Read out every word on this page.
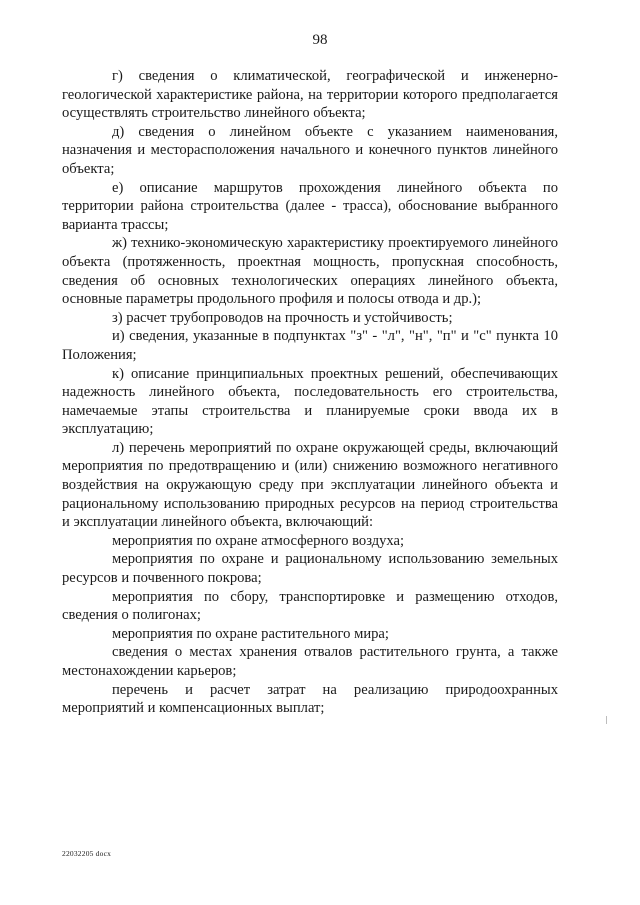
98

г) сведения о климатической, географической и инженерно-геологической характеристике района, на территории которого предполагается осуществлять строительство линейного объекта;

д) сведения о линейном объекте с указанием наименования, назначения и месторасположения начального и конечного пунктов линейного объекта;

е) описание маршрутов прохождения линейного объекта по территории района строительства (далее - трасса), обоснование выбранного варианта трассы;

ж) технико-экономическую характеристику проектируемого линейного объекта (протяженность, проектная мощность, пропускная способность, сведения об основных технологических операциях линейного объекта, основные параметры продольного профиля и полосы отвода и др.);

з) расчет трубопроводов на прочность и устойчивость;

и) сведения, указанные в подпунктах "з" - "л", "н", "п" и "с" пункта 10 Положения;

к) описание принципиальных проектных решений, обеспечивающих надежность линейного объекта, последовательность его строительства, намечаемые этапы строительства и планируемые сроки ввода их в эксплуатацию;

л) перечень мероприятий по охране окружающей среды, включающий мероприятия по предотвращению и (или) снижению возможного негативного воздействия на окружающую среду при эксплуатации линейного объекта и рациональному использованию природных ресурсов на период строительства и эксплуатации линейного объекта, включающий:

мероприятия по охране атмосферного воздуха;

мероприятия по охране и рациональному использованию земельных ресурсов и почвенного покрова;

мероприятия по сбору, транспортировке и размещению отходов, сведения о полигонах;

мероприятия по охране растительного мира;

сведения о местах хранения отвалов растительного грунта, а также местонахождении карьеров;

перечень и расчет затрат на реализацию природоохранных мероприятий и компенсационных выплат;

22032205 docx
